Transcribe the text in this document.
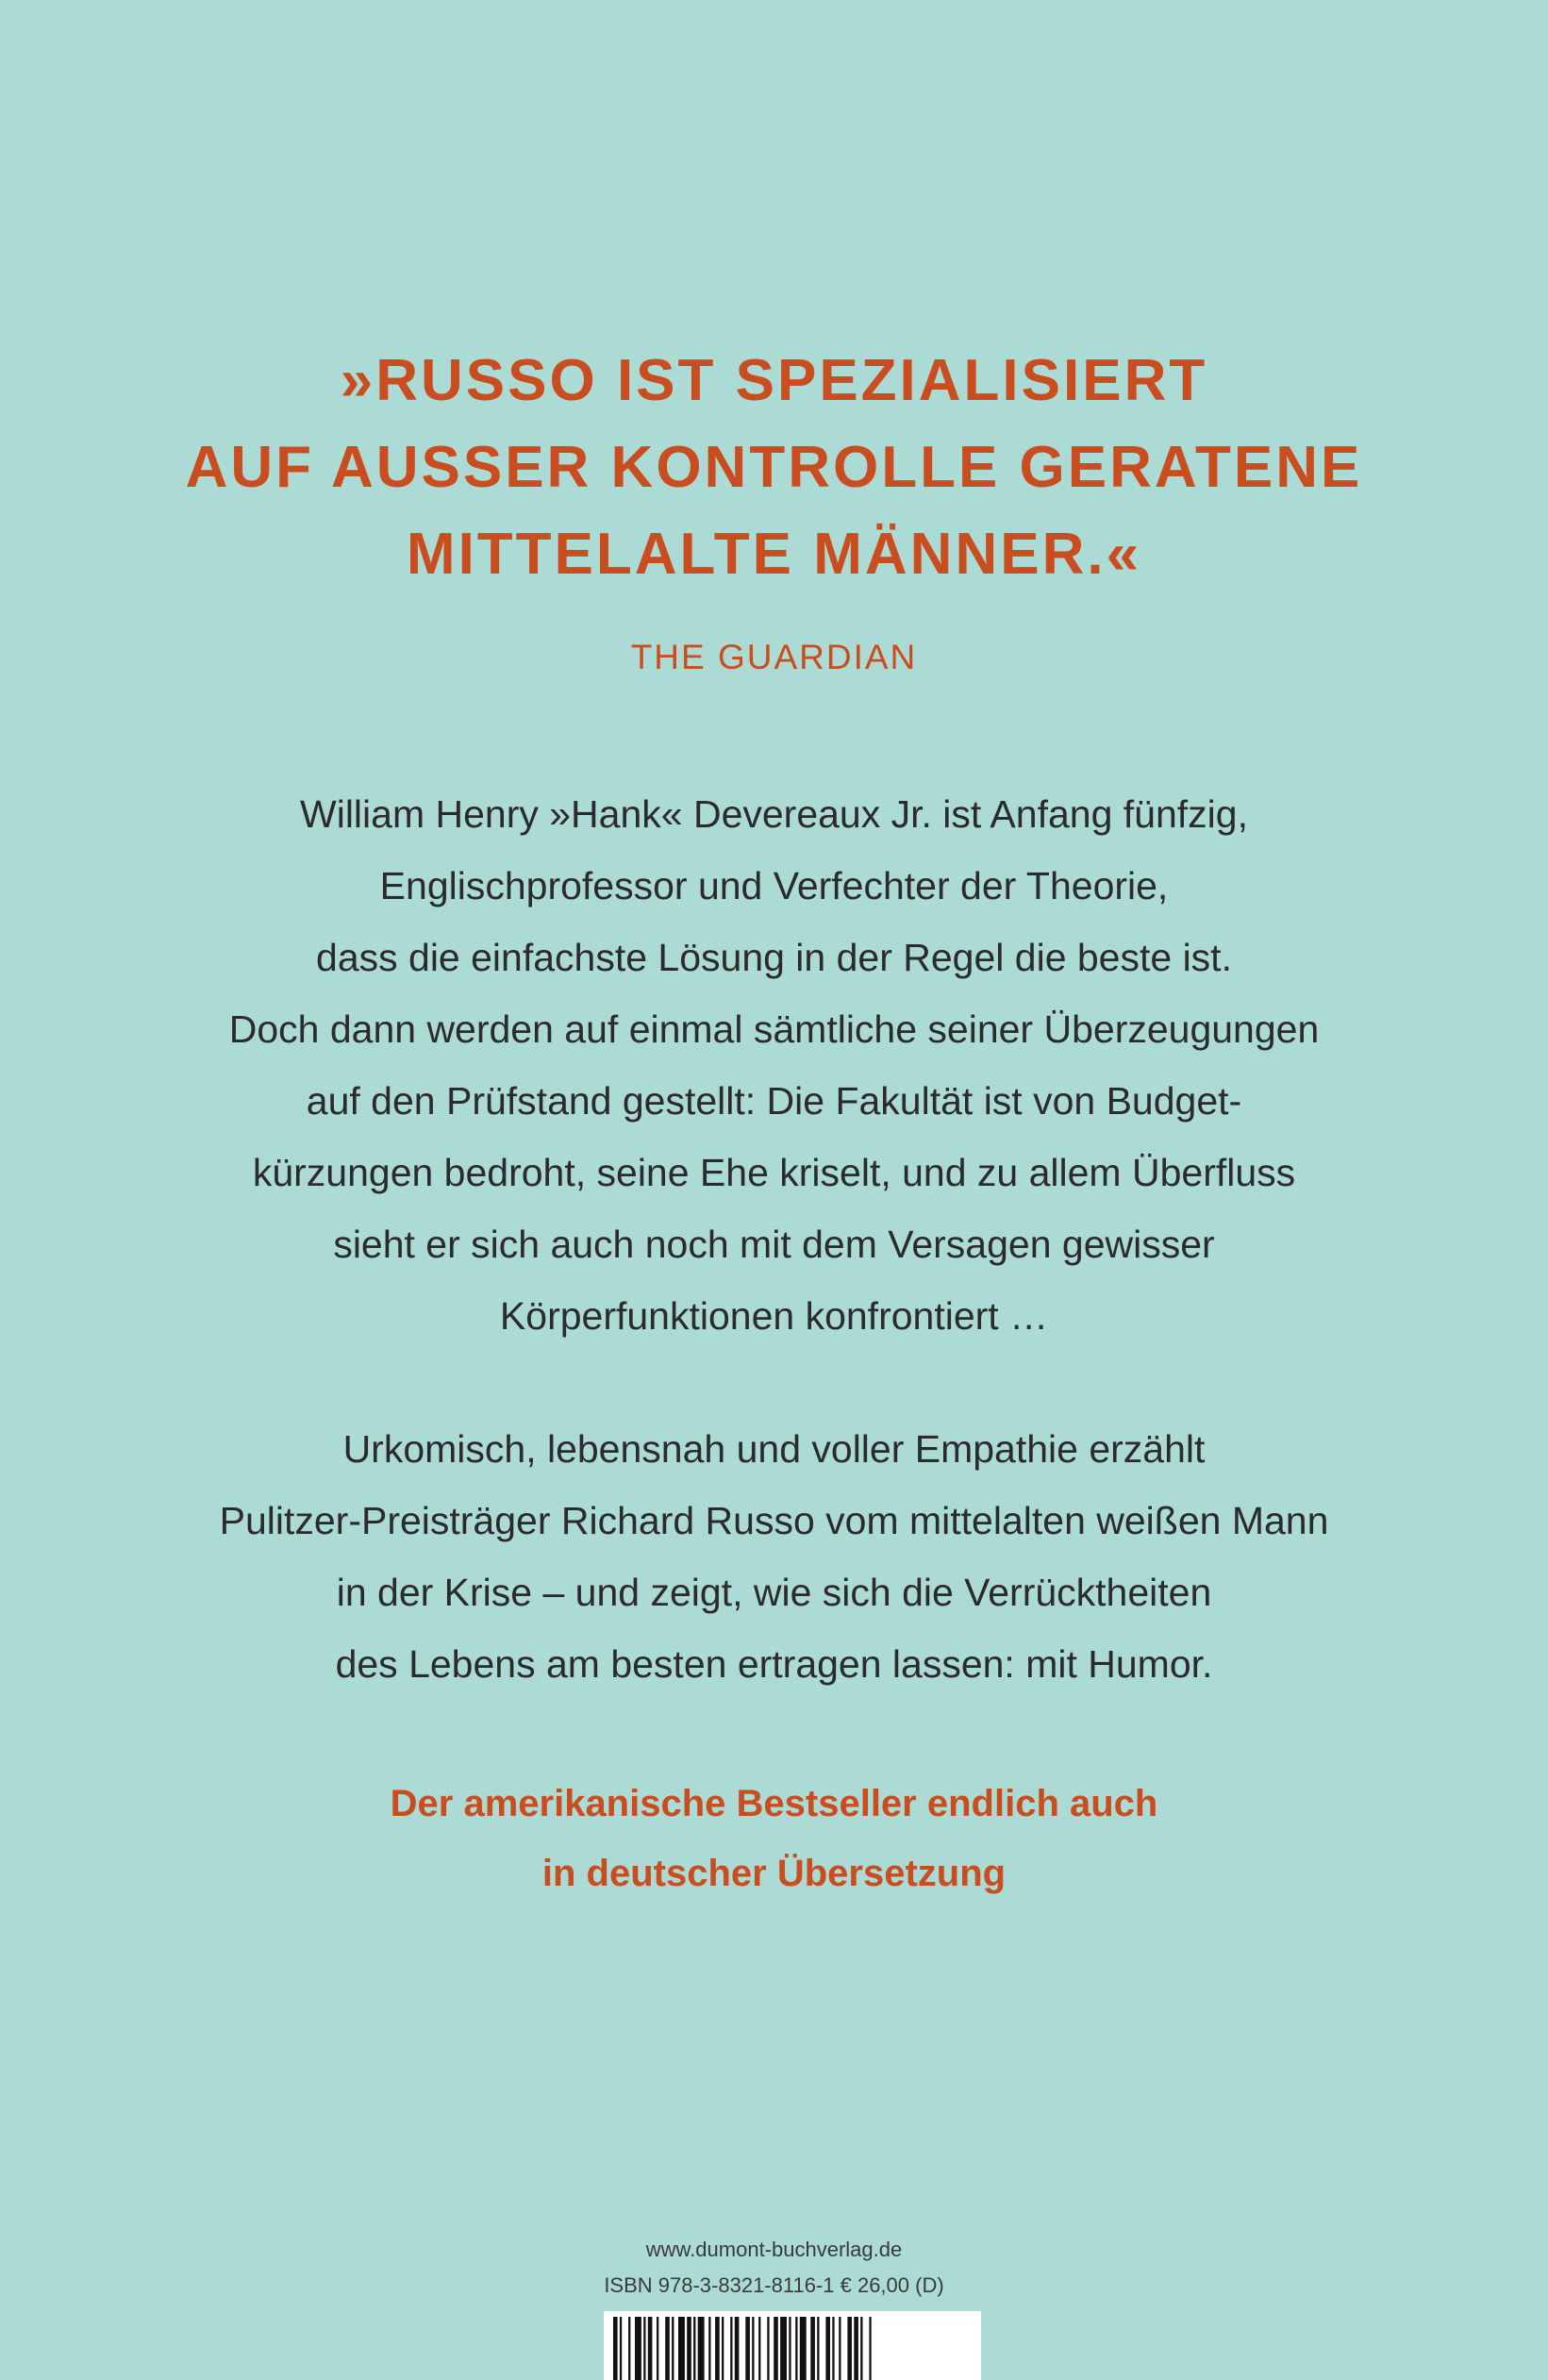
»RUSSO IST SPEZIALISIERT
AUF AUSSER KONTROLLE GERATENE
MITTELALTE MÄNNER.«
THE GUARDIAN
William Henry »Hank« Devereaux Jr. ist Anfang fünfzig,
Englischprofessor und Verfechter der Theorie,
dass die einfachste Lösung in der Regel die beste ist.
Doch dann werden auf einmal sämtliche seiner Überzeugungen
auf den Prüfstand gestellt: Die Fakultät ist von Budget-
kürzungen bedroht, seine Ehe kriselt, und zu allem Überfluss
sieht er sich auch noch mit dem Versagen gewisser
Körperfunktionen konfrontiert …
Urkomisch, lebensnah und voller Empathie erzählt
Pulitzer-Preisträger Richard Russo vom mittelalten weißen Mann
in der Krise – und zeigt, wie sich die Verrücktheiten
des Lebens am besten ertragen lassen: mit Humor.
Der amerikanische Bestseller endlich auch
in deutscher Übersetzung
www.dumont-buchverlag.de
ISBN 978-3-8321-8116-1 € 26,00 (D)
